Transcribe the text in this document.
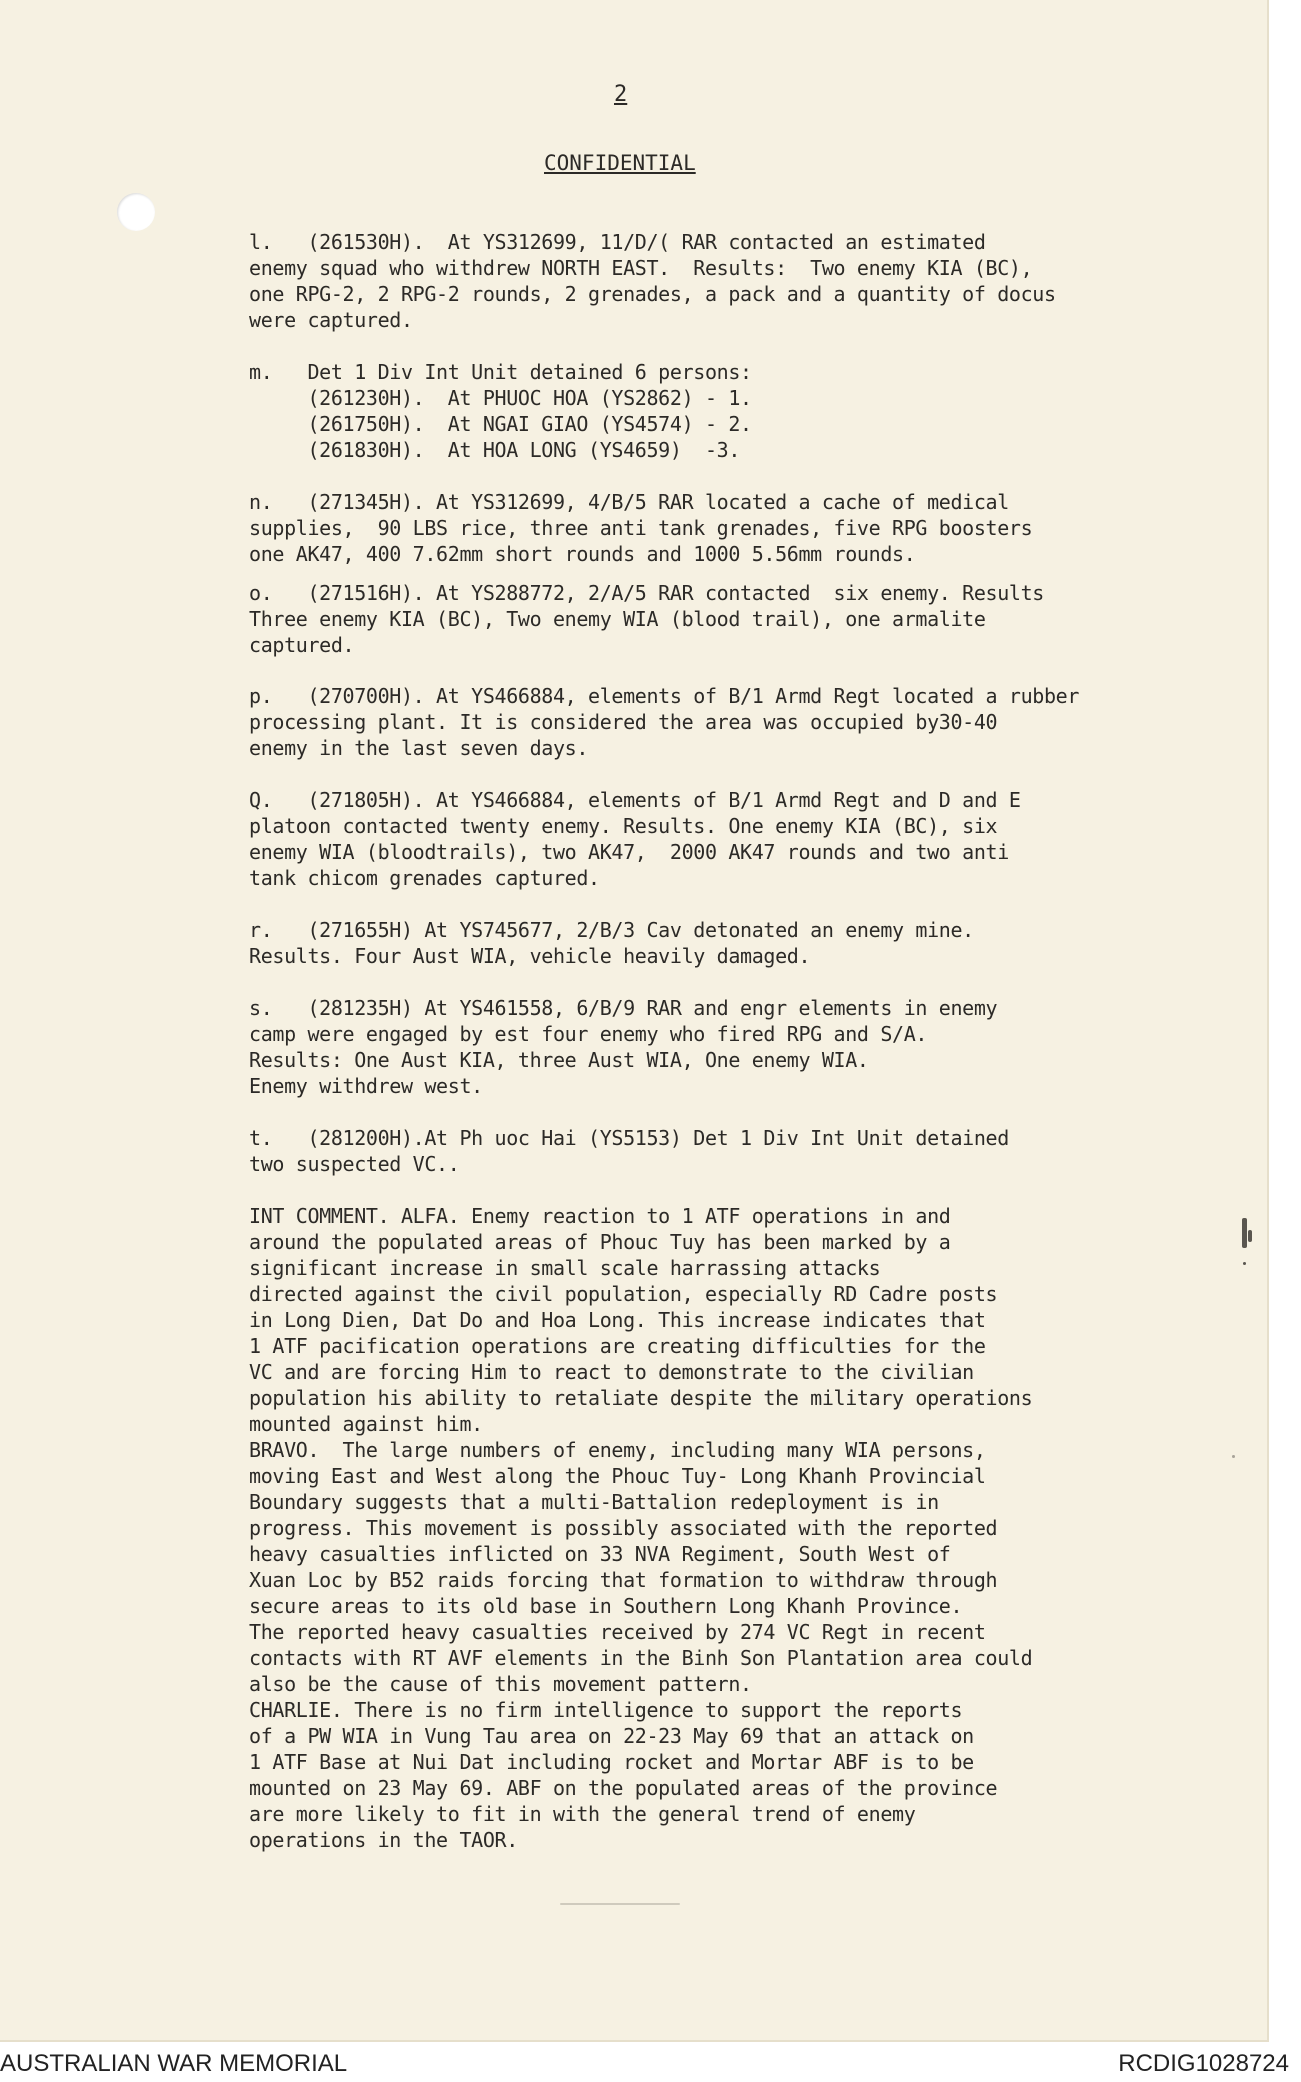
2
CONFIDENTIAL
l.   (261530H).  At YS312699, 11/D/( RAR contacted an estimated
enemy squad who withdrew NORTH EAST.  Results:  Two enemy KIA (BC),
one RPG-2, 2 RPG-2 rounds, 2 grenades, a pack and a quantity of docus
were captured.
m.   Det 1 Div Int Unit detained 6 persons:
(261230H).  At PHUOC HOA (YS2862) - 1.
(261750H).  At NGAI GIAO (YS4574) - 2.
(261830H).  At HOA LONG (YS4659)  -3.
n.   (271345H). At YS312699, 4/B/5 RAR located a cache of medical
supplies,  90 LBS rice, three anti tank grenades, five RPG boosters
one AK47, 400 7.62mm short rounds and 1000 5.56mm rounds.
o.   (271516H). At YS288772, 2/A/5 RAR contacted  six enemy. Results
Three enemy KIA (BC), Two enemy WIA (blood trail), one armalite
captured.
p.   (270700H). At YS466884, elements of B/1 Armd Regt located a rubber
processing plant. It is considered the area was occupied by30-40
enemy in the last seven days.
Q.   (271805H). At YS466884, elements of B/1 Armd Regt and D and E
platoon contacted twenty enemy. Results. One enemy KIA (BC), six
enemy WIA (bloodtrails), two AK47,  2000 AK47 rounds and two anti
tank chicom grenades captured.
r.   (271655H) At YS745677, 2/B/3 Cav detonated an enemy mine.
Results. Four Aust WIA, vehicle heavily damaged.
s.   (281235H) At YS461558, 6/B/9 RAR and engr elements in enemy
camp were engaged by est four enemy who fired RPG and S/A.
Results: One Aust KIA, three Aust WIA, One enemy WIA.
Enemy withdrew west.
t.   (281200H).At Ph uoc Hai (YS5153) Det 1 Div Int Unit detained
two suspected VC..
INT COMMENT. ALFA. Enemy reaction to 1 ATF operations in and
around the populated areas of Phouc Tuy has been marked by a
significant increase in small scale harrassing attacks
directed against the civil population, especially RD Cadre posts
in Long Dien, Dat Do and Hoa Long. This increase indicates that
1 ATF pacification operations are creating difficulties for the
VC and are forcing Him to react to demonstrate to the civilian
population his ability to retaliate despite the military operations
mounted against him.
BRAVO.  The large numbers of enemy, including many WIA persons,
moving East and West along the Phouc Tuy- Long Khanh Provincial
Boundary suggests that a multi-Battalion redeployment is in
progress. This movement is possibly associated with the reported
heavy casualties inflicted on 33 NVA Regiment, South West of
Xuan Loc by B52 raids forcing that formation to withdraw through
secure areas to its old base in Southern Long Khanh Province.
The reported heavy casualties received by 274 VC Regt in recent
contacts with RT AVF elements in the Binh Son Plantation area could
also be the cause of this movement pattern.
CHARLIE. There is no firm intelligence to support the reports
of a PW WIA in Vung Tau area on 22-23 May 69 that an attack on
1 ATF Base at Nui Dat including rocket and Mortar ABF is to be
mounted on 23 May 69. ABF on the populated areas of the province
are more likely to fit in with the general trend of enemy
operations in the TAOR.
AUSTRALIAN WAR MEMORIAL	RCDIG1028724
